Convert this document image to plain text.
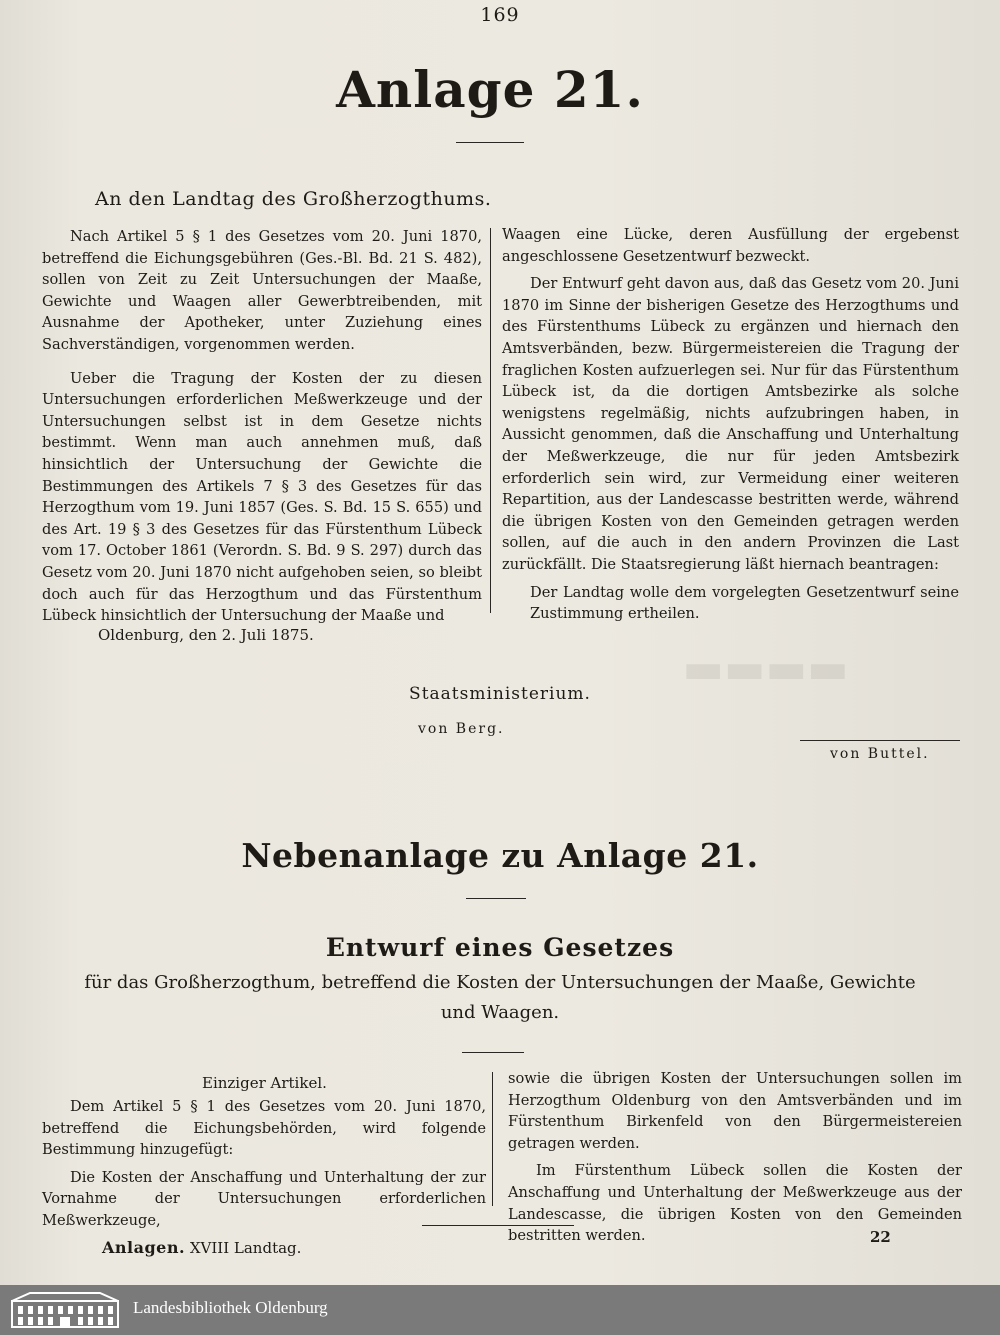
▬▬▬▬
169
Anlage 21.
An den Landtag des Großherzogthums.

Nach Artikel 5 § 1 des Gesetzes vom 20. Juni 1870, betreffend die Eichungsgebühren (Ges.-Bl. Bd. 21 S. 482), sollen von Zeit zu Zeit Untersuchungen der Maaße, Gewichte und Waagen aller Gewerbtreibenden, mit Ausnahme der Apotheker, unter Zuziehung eines Sachverständigen, vorgenommen werden.

Ueber die Tragung der Kosten der zu diesen Untersuchungen erforderlichen Meßwerkzeuge und der Untersuchungen selbst ist in dem Gesetze nichts bestimmt. Wenn man auch annehmen muß, daß hinsichtlich der Untersuchung der Gewichte die Bestimmungen des Artikels 7 § 3 des Gesetzes für das Herzogthum vom 19. Juni 1857 (Ges. S. Bd. 15 S. 655) und des Art. 19 § 3 des Gesetzes für das Fürstenthum Lübeck vom 17. October 1861 (Verordn. S. Bd. 9 S. 297) durch das Gesetz vom 20. Juni 1870 nicht aufgehoben seien, so bleibt doch auch für das Herzogthum und das Fürstenthum Lübeck hinsichtlich der Untersuchung der Maaße und

Waagen eine Lücke, deren Ausfüllung der ergebenst angeschlossene Gesetzentwurf bezweckt.

Der Entwurf geht davon aus, daß das Gesetz vom 20. Juni 1870 im Sinne der bisherigen Gesetze des Herzogthums und des Fürstenthums Lübeck zu ergänzen und hiernach den Amtsverbänden, bezw. Bürgermeistereien die Tragung der fraglichen Kosten aufzuerlegen sei. Nur für das Fürstenthum Lübeck ist, da die dortigen Amtsbezirke als solche wenigstens regelmäßig, nichts aufzubringen haben, in Aussicht genommen, daß die Anschaffung und Unterhaltung der Meßwerkzeuge, die nur für jeden Amtsbezirk erforderlich sein wird, zur Vermeidung einer weiteren Repartition, aus der Landescasse bestritten werde, während die übrigen Kosten von den Gemeinden getragen werden sollen, auf die auch in den andern Provinzen die Last zurückfällt. Die Staatsregierung läßt hiernach beantragen:

Der Landtag wolle dem vorgelegten Gesetzentwurf seine Zustimmung ertheilen.

Oldenburg, den 2. Juli 1875.
Staatsministerium.
von Berg.
von Buttel.
Nebenanlage zu Anlage 21.
Entwurf eines Gesetzes
für das Großherzogthum, betreffend die Kosten der Untersuchungen der Maaße, Gewichte und Waagen.
Einziger Artikel.

Dem Artikel 5 § 1 des Gesetzes vom 20. Juni 1870, betreffend die Eichungsbehörden, wird folgende Bestimmung hinzugefügt:

Die Kosten der Anschaffung und Unterhaltung der zur Vornahme der Untersuchungen erforderlichen Meßwerkzeuge,

sowie die übrigen Kosten der Untersuchungen sollen im Herzogthum Oldenburg von den Amtsverbänden und im Fürstenthum Birkenfeld von den Bürgermeistereien getragen werden.

Im Fürstenthum Lübeck sollen die Kosten der Anschaffung und Unterhaltung der Meßwerkzeuge aus der Landescasse, die übrigen Kosten von den Gemeinden bestritten werden.

Anlagen. XVIII Landtag.
22
Landesbibliothek Oldenburg
